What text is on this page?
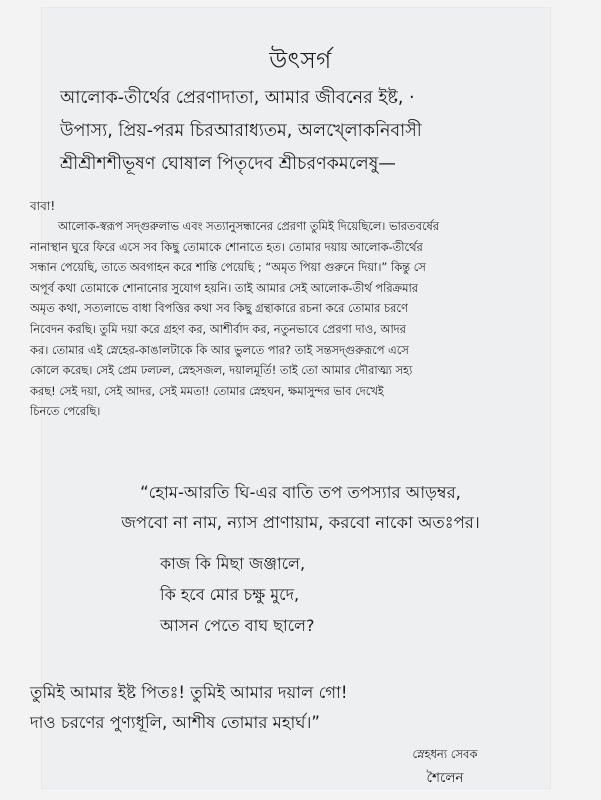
উৎসর্গ
আলোক-তীর্থের প্রেরণাদাতা, আমার জীবনের ইষ্ট, ·
উপাস্য, প্রিয়-পরম চিরআরাধ্যতম, অলখ্লোকনিবাসী
শ্রীশ্রীশশীভূষণ ঘোষাল পিতৃদেব শ্রীচরণকমলেষু—
বাবা!
আলোক-স্বরূপ সদ্গুরুলাভ এবং সত্যানুসন্ধানের প্রেরণা তুমিই দিয়েছিলে। ভারতবর্ষের
নানাস্থান ঘুরে ফিরে এসে সব কিছু তোমাকে শোনাতে হত। তোমার দয়ায় আলোক-তীর্থের
সন্ধান পেয়েছি, তাতে অবগাহন করে শান্তি পেয়েছি ; “অমৃত পিয়া গুরুনে দিয়া।” কিন্তু সে
অপূর্ব কথা তোমাকে শোনানোর সুযোগ হয়নি। তাই আমার সেই আলোক-তীর্থ পরিক্রমার
অমৃত কথা, সত্যলাভে বাধা বিপত্তির কথা সব কিছু গ্রন্থাকারে রচনা করে তোমার চরণে
নিবেদন করছি। তুমি দয়া করে গ্রহণ কর, আশীর্বাদ কর, নতুনভাবে প্রেরণা দাও, আদর
কর। তোমার এই স্নেহের-কাঙালটাকে কি আর ভুলতে পার? তাই সন্তসদ্গুরুরূপে এসে
কোলে করেছ। সেই প্রেম ঢলঢল, স্নেহসজল, দয়ালমূর্তি! তাই তো আমার দৌরাত্ম্য সহ্য
করছ! সেই দয়া, সেই আদর, সেই মমতা! তোমার স্নেহঘন, ক্ষমাসুন্দর ভাব দেখেই
চিনতে পেরেছি।
“হোম-আরতি ঘি-এর বাতি তপ তপস্যার আড়ম্বর,
জপবো না নাম, ন্যাস প্রাণায়াম, করবো নাকো অতঃপর।
কাজ কি মিছা জঞ্জালে,
কি হবে মোর চক্ষু মুদে,
আসন পেতে বাঘ ছালে?
তুমিই আমার ইষ্ট পিতঃ! তুমিই আমার দয়াল গো!
দাও চরণের পুণ্যধূলি, আশীষ তোমার মহার্ঘ।”
স্নেহধন্য সেবক
শৈলেন
